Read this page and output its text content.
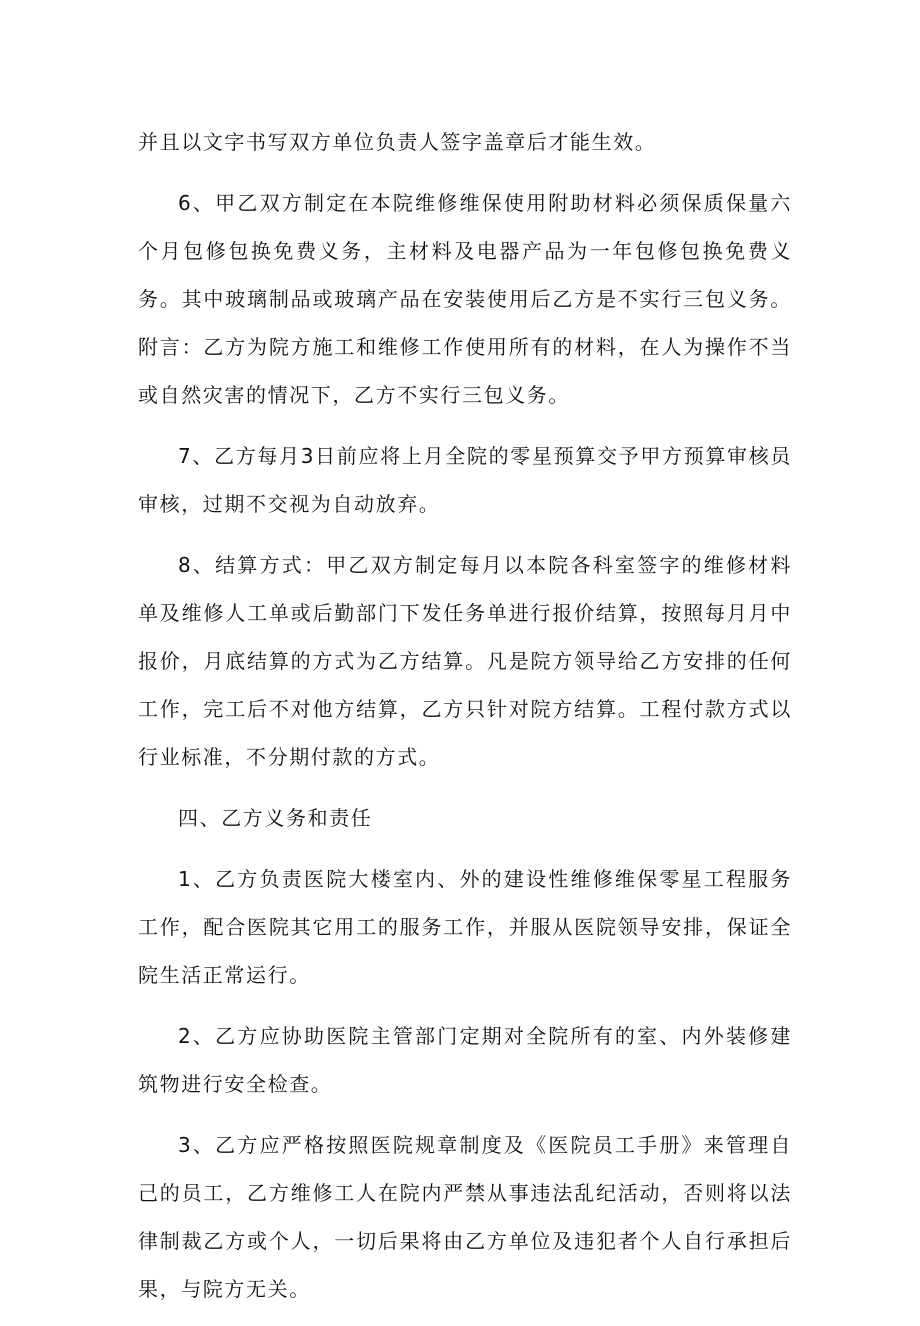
并且以文字书写双方单位负责人签字盖章后才能生效。

6、甲乙双方制定在本院维修维保使用附助材料必须保质保量六个月包修包换免费义务，主材料及电器产品为一年包修包换免费义务。其中玻璃制品或玻璃产品在安装使用后乙方是不实行三包义务。附言：乙方为院方施工和维修工作使用所有的材料，在人为操作不当或自然灾害的情况下，乙方不实行三包义务。

7、乙方每月3日前应将上月全院的零星预算交予甲方预算审核员审核，过期不交视为自动放弃。

8、结算方式：甲乙双方制定每月以本院各科室签字的维修材料单及维修人工单或后勤部门下发任务单进行报价结算，按照每月月中报价，月底结算的方式为乙方结算。凡是院方领导给乙方安排的任何工作，完工后不对他方结算，乙方只针对院方结算。工程付款方式以行业标准，不分期付款的方式。

四、乙方义务和责任

1、乙方负责医院大楼室内、外的建设性维修维保零星工程服务工作，配合医院其它用工的服务工作，并服从医院领导安排，保证全院生活正常运行。

2、乙方应协助医院主管部门定期对全院所有的室、内外装修建筑物进行安全检查。

3、乙方应严格按照医院规章制度及《医院员工手册》来管理自己的员工，乙方维修工人在院内严禁从事违法乱纪活动，否则将以法律制裁乙方或个人，一切后果将由乙方单位及违犯者个人自行承担后果，与院方无关。
